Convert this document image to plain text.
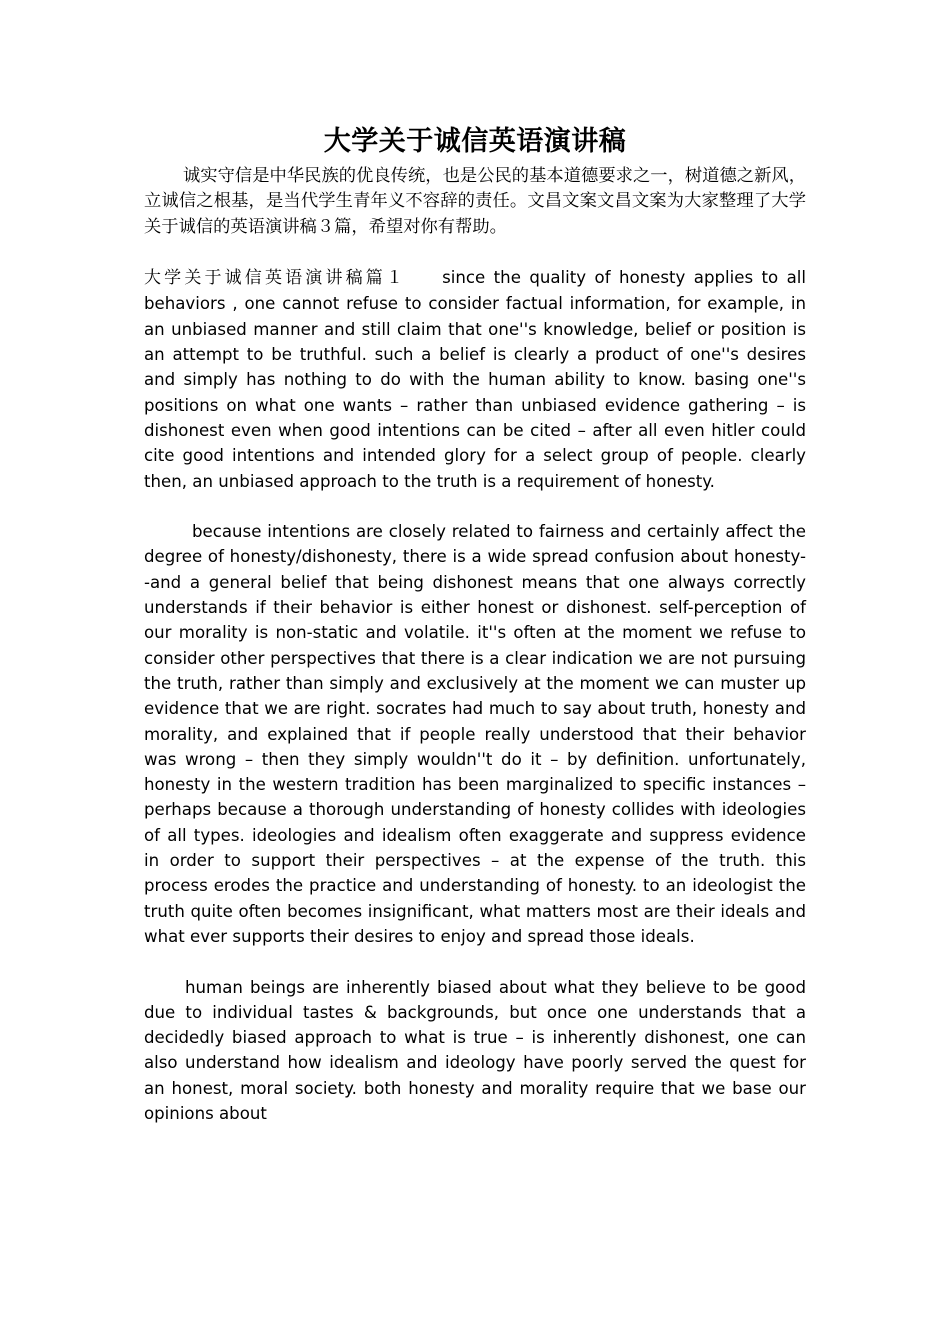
大学关于诚信英语演讲稿

诚实守信是中华民族的优良传统，也是公民的基本道德要求之一，树道德之新风，立诚信之根基，是当代学生青年义不容辞的责任。文昌文案文昌文案为大家整理了大学关于诚信的英语演讲稿３篇，希望对你有帮助。

大学关于诚信英语演讲稿篇１ since the quality of honesty applies to all behaviors , one cannot refuse to consider factual information, for example, in an unbiased manner and still claim that one''s knowledge, belief or position is an attempt to be truthful. such a belief is clearly a product of one''s desires and simply has nothing to do with the human ability to know. basing one''s positions on what one wants – rather than unbiased evidence gathering – is dishonest even when good intentions can be cited – after all even hitler could cite good intentions and intended glory for a select group of people. clearly then, an unbiased approach to the truth is a requirement of honesty.

because intentions are closely related to fairness and certainly affect the degree of honesty/dishonesty, there is a wide spread confusion about honesty--and a general belief that being dishonest means that one always correctly understands if their behavior is either honest or dishonest. self-perception of our morality is non-static and volatile. it''s often at the moment we refuse to consider other perspectives that there is a clear indication we are not pursuing the truth, rather than simply and exclusively at the moment we can muster up evidence that we are right. socrates had much to say about truth, honesty and morality, and explained that if people really understood that their behavior was wrong – then they simply wouldn''t do it – by definition. unfortunately, honesty in the western tradition has been marginalized to specific instances – perhaps because a thorough understanding of honesty collides with ideologies of all types. ideologies and idealism often exaggerate and suppress evidence in order to support their perspectives – at the expense of the truth. this process erodes the practice and understanding of honesty. to an ideologist the truth quite often becomes insignificant, what matters most are their ideals and what ever supports their desires to enjoy and spread those ideals.

human beings are inherently biased about what they believe to be good due to individual tastes & backgrounds, but once one understands that a decidedly biased approach to what is true – is inherently dishonest, one can also understand how idealism and ideology have poorly served the quest for an honest, moral society. both honesty and morality require that we base our opinions about
